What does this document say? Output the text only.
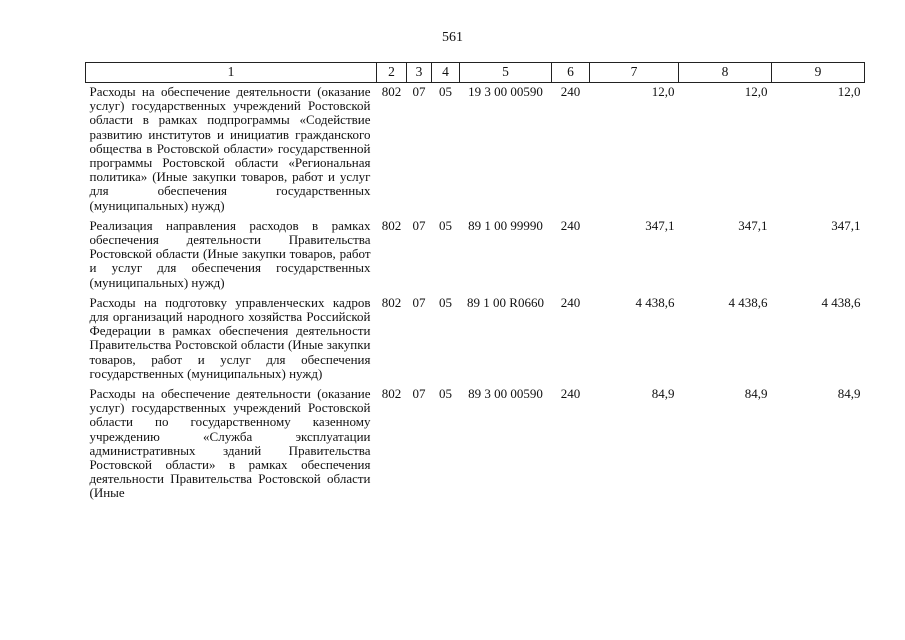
561
1	2	3	4	5	6	7	8	9
Расходы на обеспечение деятельности (оказание услуг) государственных учреждений Ростовской области в рамках подпрограммы «Содействие развитию институтов и инициатив гражданского общества в Ростовской области» государственной программы Ростовской области «Региональная политика» (Иные закупки товаров, работ и услуг для обеспечения государственных (муниципальных) нужд)	802	07	05	19 3 00 00590	240	12,0	12,0	12,0
Реализация направления расходов в рамках обеспечения деятельности Правительства Ростовской области (Иные закупки товаров, работ и услуг для обеспечения государственных (муниципальных) нужд)	802	07	05	89 1 00 99990	240	347,1	347,1	347,1
Расходы на подготовку управленческих кадров для организаций народного хозяйства Российской Федерации в рамках обеспечения деятельности Правительства Ростовской области (Иные закупки товаров, работ и услуг для обеспечения государственных (муниципальных) нужд)	802	07	05	89 1 00 R0660	240	4 438,6	4 438,6	4 438,6
Расходы на обеспечение деятельности (оказание услуг) государственных учреждений Ростовской области по государственному казенному учреждению «Служба эксплуатации административных зданий Правительства Ростовской области» в рамках обеспечения деятельности Правительства Ростовской области (Иные	802	07	05	89 3 00 00590	240	84,9	84,9	84,9
